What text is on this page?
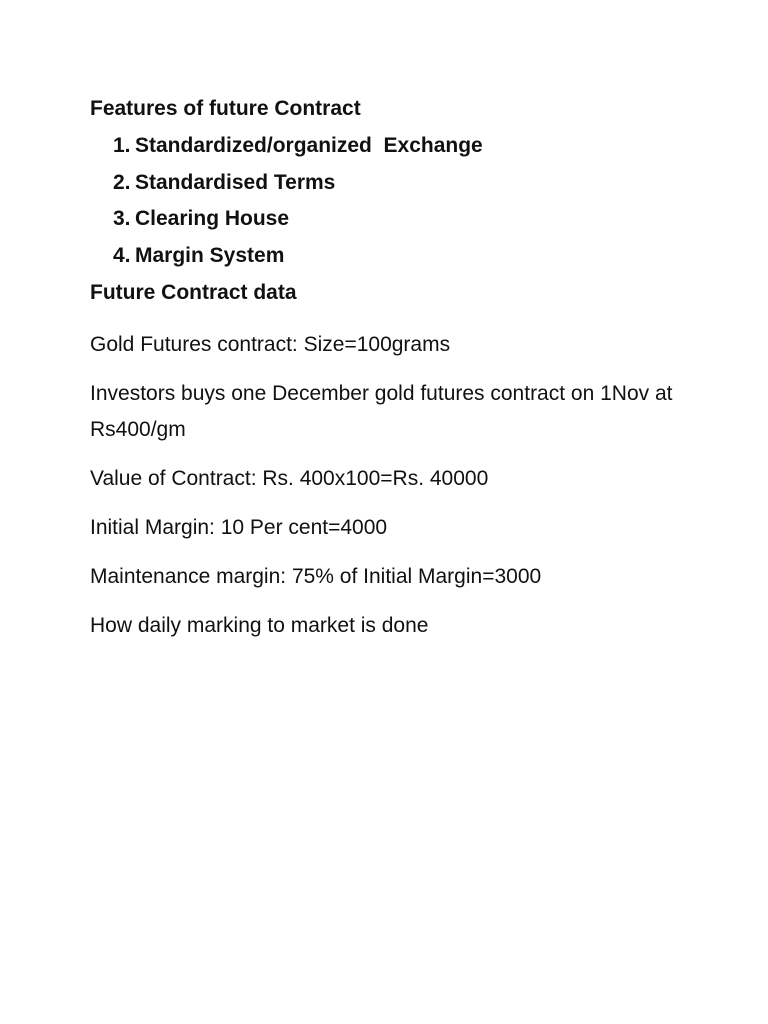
Features of future Contract
1. Standardized/organized  Exchange
2. Standardised Terms
3. Clearing House
4. Margin System
Future Contract data

Gold Futures contract: Size=100grams

Investors buys one December gold futures contract on 1Nov at Rs400/gm

Value of Contract: Rs. 400x100=Rs. 40000

Initial Margin: 10 Per cent=4000

Maintenance margin: 75% of Initial Margin=3000

How daily marking to market is done
